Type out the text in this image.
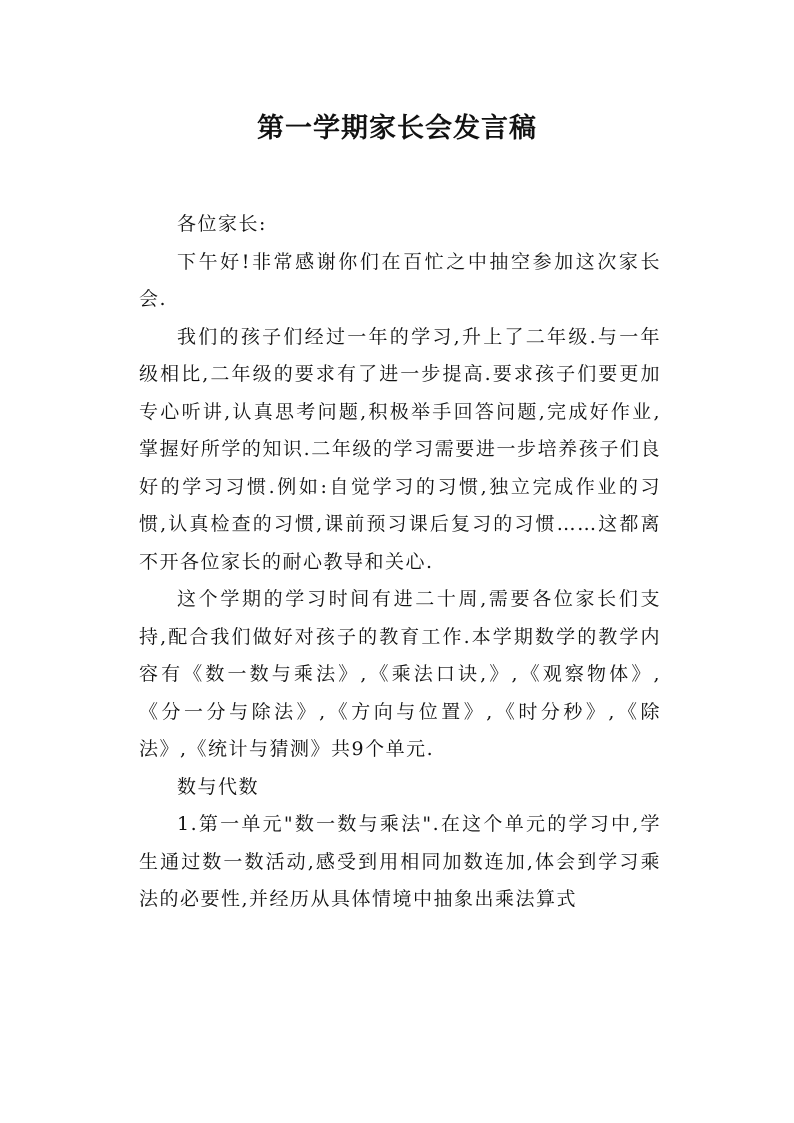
第一学期家长会发言稿

各位家长:

下午好!非常感谢你们在百忙之中抽空参加这次家长会.

我们的孩子们经过一年的学习,升上了二年级.与一年级相比,二年级的要求有了进一步提高.要求孩子们要更加专心听讲,认真思考问题,积极举手回答问题,完成好作业,掌握好所学的知识.二年级的学习需要进一步培养孩子们良好的学习习惯.例如:自觉学习的习惯,独立完成作业的习惯,认真检查的习惯,课前预习课后复习的习惯……这都离不开各位家长的耐心教导和关心.

这个学期的学习时间有进二十周,需要各位家长们支持,配合我们做好对孩子的教育工作.本学期数学的教学内容有《数一数与乘法》,《乘法口诀,》,《观察物体》,《分一分与除法》,《方向与位置》,《时分秒》,《除法》,《统计与猜测》共9个单元.

数与代数

1.第一单元"数一数与乘法".在这个单元的学习中,学生通过数一数活动,感受到用相同加数连加,体会到学习乘法的必要性,并经历从具体情境中抽象出乘法算式
